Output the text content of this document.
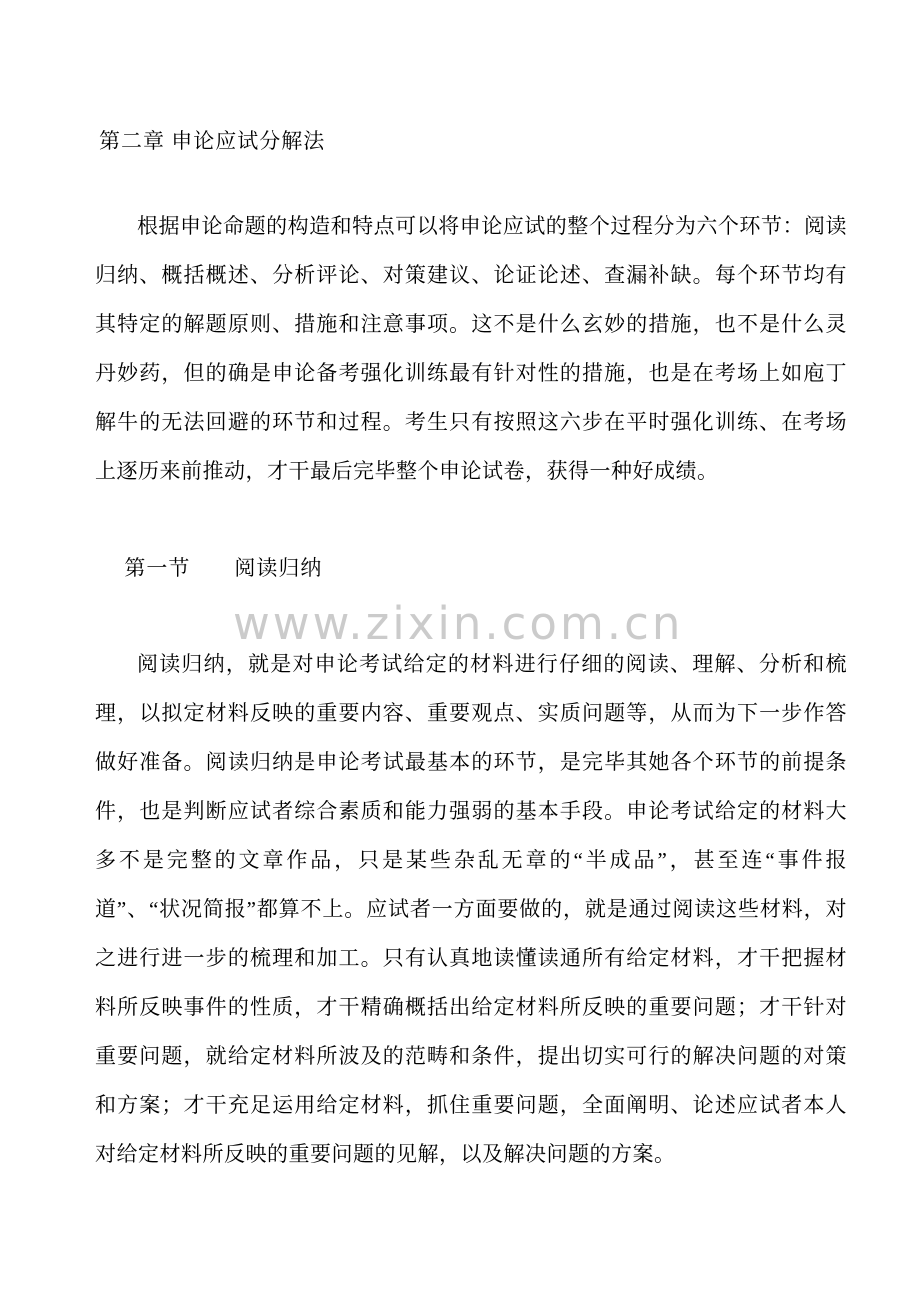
www.zixin.com.cn
第二章 申论应试分解法
根据申论命题的构造和特点可以将申论应试的整个过程分为六个环节：阅读归纳、概括概述、分析评论、对策建议、论证论述、查漏补缺。每个环节均有其特定的解题原则、措施和注意事项。这不是什么玄妙的措施，也不是什么灵丹妙药，但的确是申论备考强化训练最有针对性的措施，也是在考场上如庖丁解牛的无法回避的环节和过程。考生只有按照这六步在平时强化训练、在考场上逐历来前推动，才干最后完毕整个申论试卷，获得一种好成绩。
第一节　　阅读归纳
阅读归纳，就是对申论考试给定的材料进行仔细的阅读、理解、分析和梳理，以拟定材料反映的重要内容、重要观点、实质问题等，从而为下一步作答做好准备。阅读归纳是申论考试最基本的环节，是完毕其她各个环节的前提条件，也是判断应试者综合素质和能力强弱的基本手段。申论考试给定的材料大多不是完整的文章作品，只是某些杂乱无章的“半成品”，甚至连“事件报道”、“状况简报”都算不上。应试者一方面要做的，就是通过阅读这些材料，对之进行进一步的梳理和加工。只有认真地读懂读通所有给定材料，才干把握材料所反映事件的性质，才干精确概括出给定材料所反映的重要问题；才干针对重要问题，就给定材料所波及的范畴和条件，提出切实可行的解决问题的对策和方案；才干充足运用给定材料，抓住重要问题，全面阐明、论述应试者本人对给定材料所反映的重要问题的见解，以及解决问题的方案。
